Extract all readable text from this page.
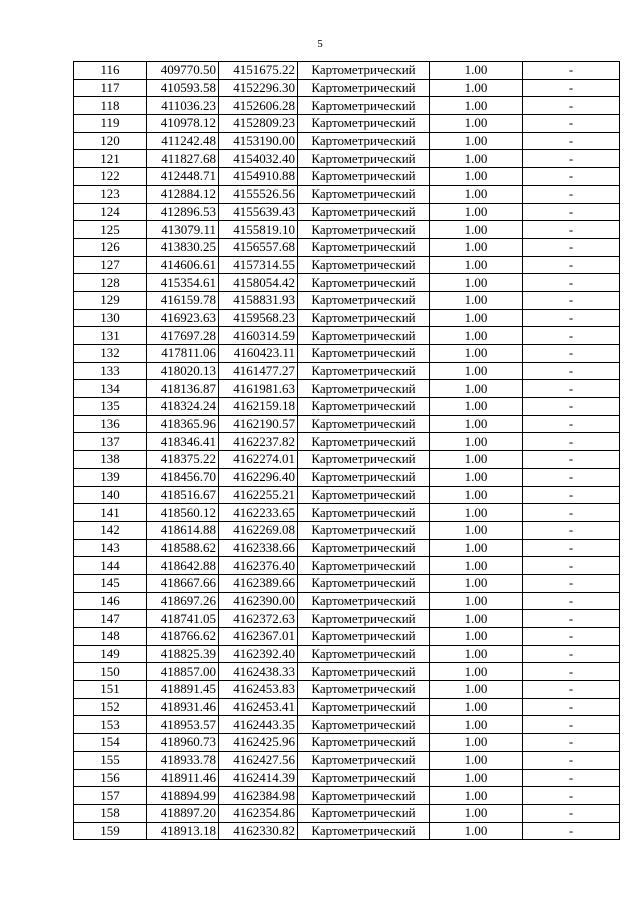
5
116	409770.50	4151675.22	Картометрический	1.00	-
117	410593.58	4152296.30	Картометрический	1.00	-
118	411036.23	4152606.28	Картометрический	1.00	-
119	410978.12	4152809.23	Картометрический	1.00	-
120	411242.48	4153190.00	Картометрический	1.00	-
121	411827.68	4154032.40	Картометрический	1.00	-
122	412448.71	4154910.88	Картометрический	1.00	-
123	412884.12	4155526.56	Картометрический	1.00	-
124	412896.53	4155639.43	Картометрический	1.00	-
125	413079.11	4155819.10	Картометрический	1.00	-
126	413830.25	4156557.68	Картометрический	1.00	-
127	414606.61	4157314.55	Картометрический	1.00	-
128	415354.61	4158054.42	Картометрический	1.00	-
129	416159.78	4158831.93	Картометрический	1.00	-
130	416923.63	4159568.23	Картометрический	1.00	-
131	417697.28	4160314.59	Картометрический	1.00	-
132	417811.06	4160423.11	Картометрический	1.00	-
133	418020.13	4161477.27	Картометрический	1.00	-
134	418136.87	4161981.63	Картометрический	1.00	-
135	418324.24	4162159.18	Картометрический	1.00	-
136	418365.96	4162190.57	Картометрический	1.00	-
137	418346.41	4162237.82	Картометрический	1.00	-
138	418375.22	4162274.01	Картометрический	1.00	-
139	418456.70	4162296.40	Картометрический	1.00	-
140	418516.67	4162255.21	Картометрический	1.00	-
141	418560.12	4162233.65	Картометрический	1.00	-
142	418614.88	4162269.08	Картометрический	1.00	-
143	418588.62	4162338.66	Картометрический	1.00	-
144	418642.88	4162376.40	Картометрический	1.00	-
145	418667.66	4162389.66	Картометрический	1.00	-
146	418697.26	4162390.00	Картометрический	1.00	-
147	418741.05	4162372.63	Картометрический	1.00	-
148	418766.62	4162367.01	Картометрический	1.00	-
149	418825.39	4162392.40	Картометрический	1.00	-
150	418857.00	4162438.33	Картометрический	1.00	-
151	418891.45	4162453.83	Картометрический	1.00	-
152	418931.46	4162453.41	Картометрический	1.00	-
153	418953.57	4162443.35	Картометрический	1.00	-
154	418960.73	4162425.96	Картометрический	1.00	-
155	418933.78	4162427.56	Картометрический	1.00	-
156	418911.46	4162414.39	Картометрический	1.00	-
157	418894.99	4162384.98	Картометрический	1.00	-
158	418897.20	4162354.86	Картометрический	1.00	-
159	418913.18	4162330.82	Картометрический	1.00	-
